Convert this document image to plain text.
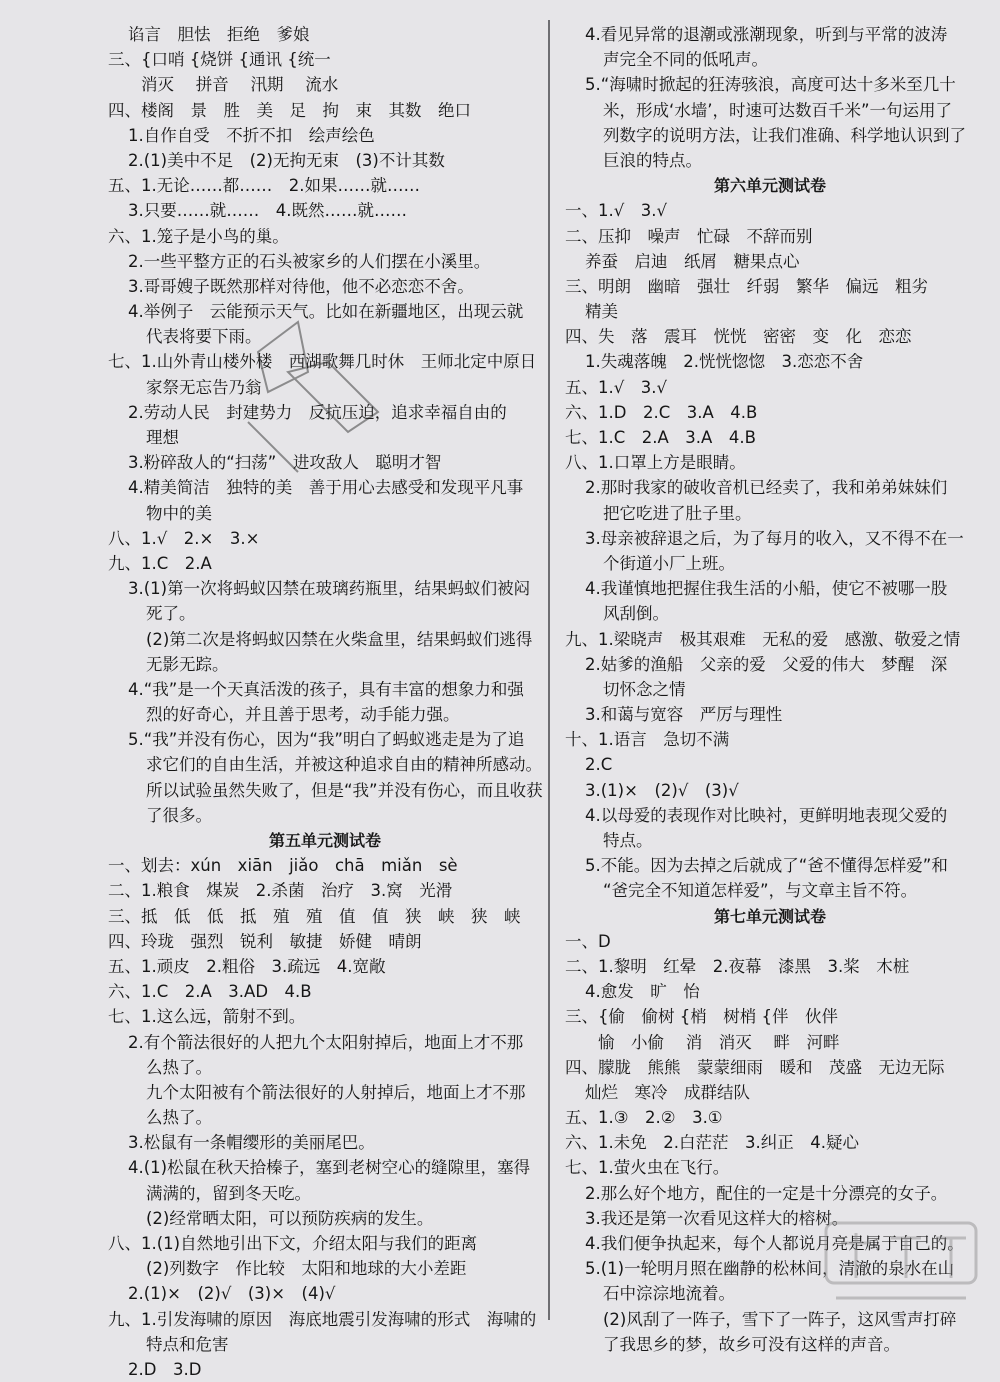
谄言　胆怯　拒绝　爹娘
三、{口哨 {烧饼 {通讯 {统一
　　消灭 　拼音 　汛期 　流水
四、楼阁　景　胜　美　足　拘　束　其数　绝口
1.自作自受　不折不扣　绘声绘色
2.(1)美中不足　(2)无拘无束　(3)不计其数
五、1.无论……都……　2.如果……就……
3.只要……就……　4.既然……就……
六、1.笼子是小鸟的巢。
2.一些平整方正的石头被家乡的人们摆在小溪里。
3.哥哥嫂子既然那样对待他，他不必恋恋不舍。
4.举例子　云能预示天气。比如在新疆地区，出现云就
代表将要下雨。
七、1.山外青山楼外楼　西湖歌舞几时休　王师北定中原日
家祭无忘告乃翁
2.劳动人民　封建势力　反抗压迫，追求幸福自由的
理想
3.粉碎敌人的“扫荡”　进攻敌人　聪明才智
4.精美简洁　独特的美　善于用心去感受和发现平凡事
物中的美
八、1.√　2.×　3.×
九、1.C　2.A
3.(1)第一次将蚂蚁囚禁在玻璃药瓶里，结果蚂蚁们被闷
死了。
(2)第二次是将蚂蚁囚禁在火柴盒里，结果蚂蚁们逃得
无影无踪。
4.“我”是一个天真活泼的孩子，具有丰富的想象力和强
烈的好奇心，并且善于思考，动手能力强。
5.“我”并没有伤心，因为“我”明白了蚂蚁逃走是为了追
求它们的自由生活，并被这种追求自由的精神所感动。
所以试验虽然失败了，但是“我”并没有伤心，而且收获
了很多。
第五单元测试卷
一、划去：xún　xiān　jiǎo　chā　miǎn　sè
二、1.粮食　煤炭　2.杀菌　治疗　3.窝　光滑
三、抵　低　低　抵　殖　殖　值　值　狭　峡　狭　峡
四、玲珑　强烈　锐利　敏捷　娇健　晴朗
五、1.顽皮　2.粗俗　3.疏远　4.宽敞
六、1.C　2.A　3.AD　4.B
七、1.这么远，箭射不到。
2.有个箭法很好的人把九个太阳射掉后，地面上才不那
么热了。
九个太阳被有个箭法很好的人射掉后，地面上才不那
么热了。
3.松鼠有一条帽缨形的美丽尾巴。
4.(1)松鼠在秋天拾榛子，塞到老树空心的缝隙里，塞得
满满的，留到冬天吃。
(2)经常晒太阳，可以预防疾病的发生。
八、1.(1)自然地引出下文，介绍太阳与我们的距离
(2)列数字　作比较　太阳和地球的大小差距
2.(1)×　(2)√　(3)×　(4)√
九、1.引发海啸的原因　海底地震引发海啸的形式　海啸的
特点和危害
2.D　3.D
4.看见异常的退潮或涨潮现象，听到与平常的波涛
声完全不同的低吼声。
5.“海啸时掀起的狂涛骇浪，高度可达十多米至几十
米，形成‘水墙’，时速可达数百千米”一句运用了
列数字的说明方法，让我们准确、科学地认识到了
巨浪的特点。
第六单元测试卷
一、1.√　3.√
二、压抑　噪声　忙碌　不辞而别
养蚕　启迪　纸屑　糖果点心
三、明朗　幽暗　强壮　纤弱　繁华　偏远　粗劣
精美
四、失　落　震耳　恍恍　密密　变　化　恋恋
1.失魂落魄　2.恍恍惚惚　3.恋恋不舍
五、1.√　3.√
六、1.D　2.C　3.A　4.B
七、1.C　2.A　3.A　4.B
八、1.口罩上方是眼睛。
2.那时我家的破收音机已经卖了，我和弟弟妹妹们
把它吃进了肚子里。
3.母亲被辞退之后，为了每月的收入，又不得不在一
个街道小厂上班。
4.我谨慎地把握住我生活的小船，使它不被哪一股
风刮倒。
九、1.梁晓声　极其艰难　无私的爱　感激、敬爱之情
2.姑爹的渔船　父亲的爱　父爱的伟大　梦醒　深
切怀念之情
3.和蔼与宽容　严厉与理性
十、1.语言　急切不满
2.C
3.(1)×　(2)√　(3)√
4.以母爱的表现作对比映衬，更鲜明地表现父爱的
特点。
5.不能。因为去掉之后就成了“爸不懂得怎样爱”和
“爸完全不知道怎样爱”，与文章主旨不符。
第七单元测试卷
一、D
二、1.黎明　红晕　2.夜幕　漆黑　3.桨　木桩
4.愈发　旷　怡
三、{偷　偷树 {梢　树梢 {伴　伙伴
　　愉　小偷 　消　消灭 　畔　河畔
四、朦胧　熊熊　蒙蒙细雨　暖和　茂盛　无边无际
灿烂　寒冷　成群结队
五、1.③　2.②　3.①
六、1.未免　2.白茫茫　3.纠正　4.疑心
七、1.萤火虫在飞行。
2.那么好个地方，配住的一定是十分漂亮的女子。
3.我还是第一次看见这样大的榕树。
4.我们便争执起来，每个人都说月亮是属于自己的。
5.(1)一轮明月照在幽静的松林间，清澈的泉水在山
石中淙淙地流着。
(2)风刮了一阵子，雪下了一阵子，这风雪声打碎
了我思乡的梦，故乡可没有这样的声音。
